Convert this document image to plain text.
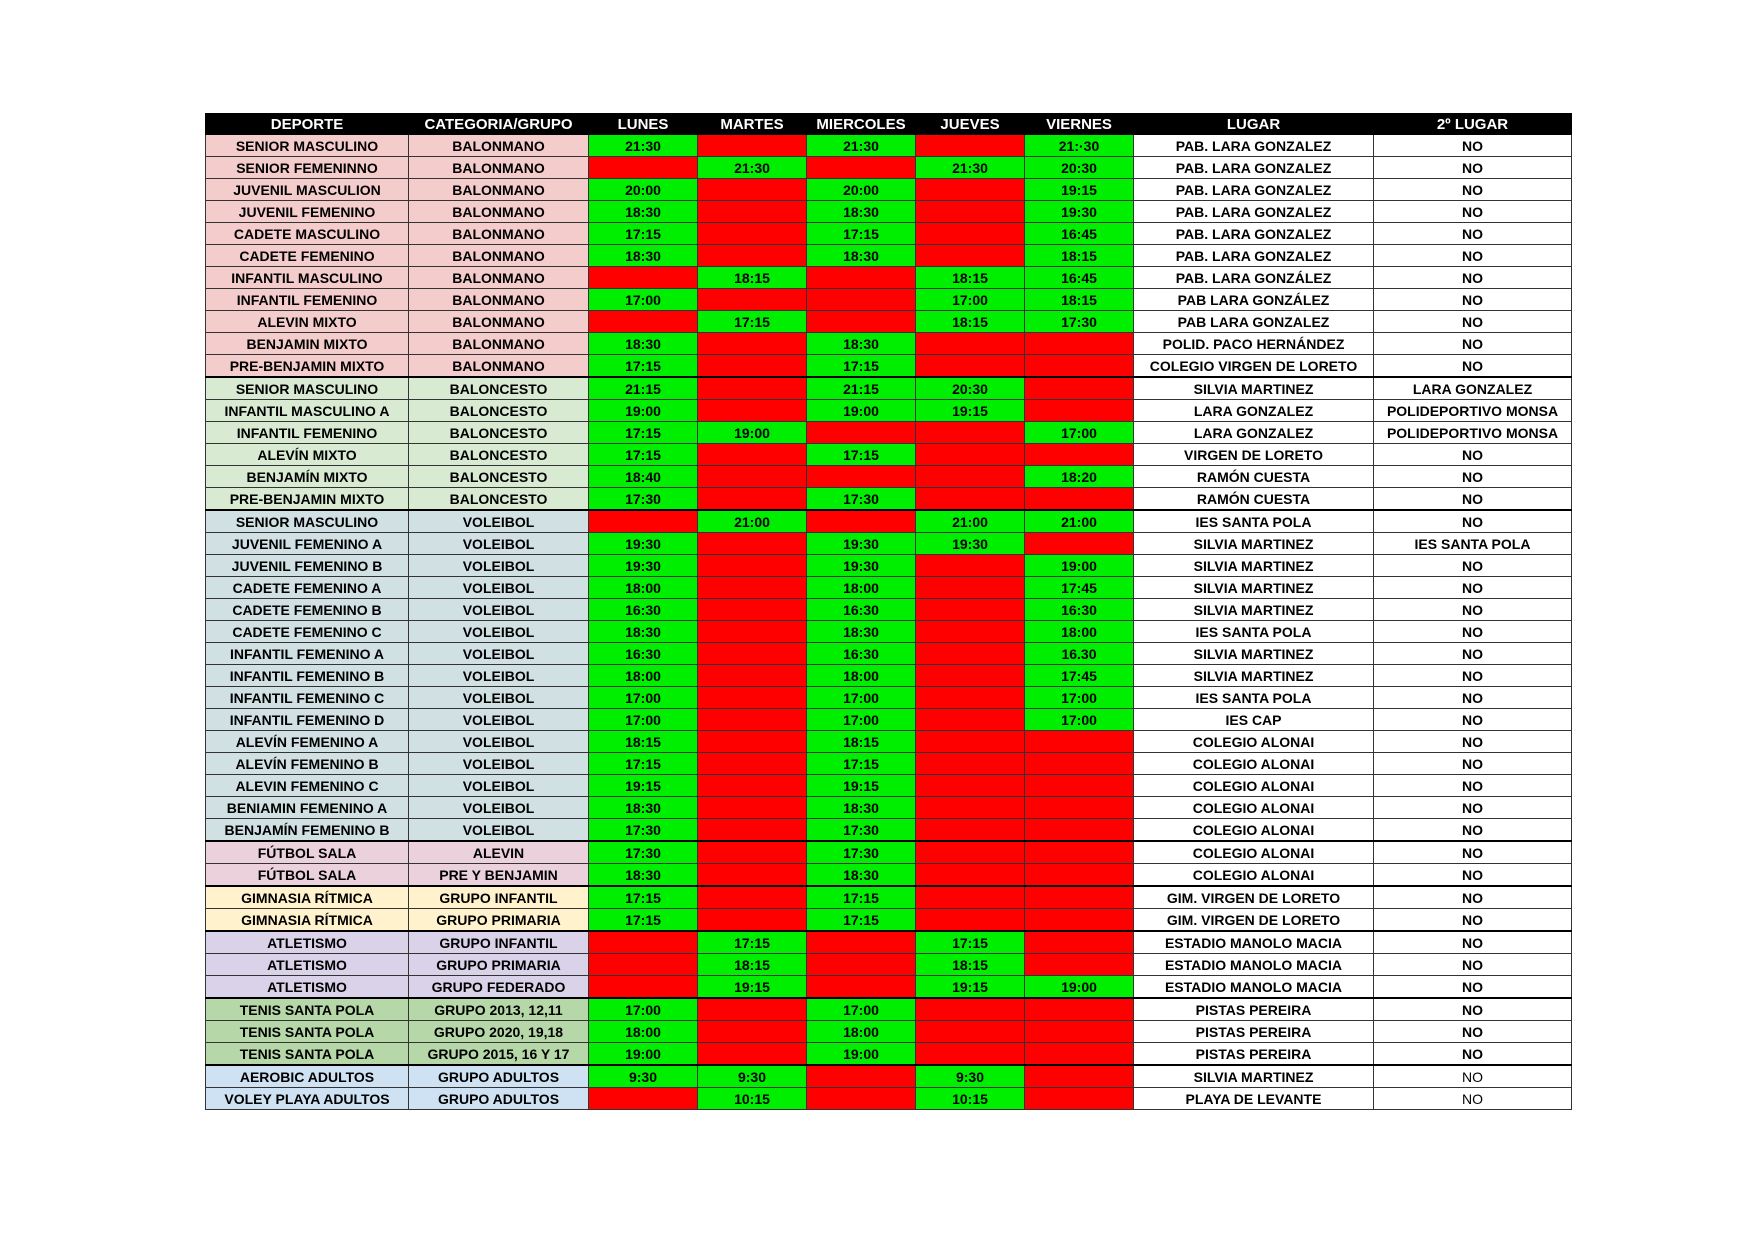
DEPORTE	CATEGORIA/GRUPO	LUNES	MARTES	MIERCOLES	JUEVES	VIERNES	LUGAR	2º LUGAR
SENIOR MASCULINO	BALONMANO	21:30		21:30		21:·30	PAB. LARA GONZALEZ	NO
SENIOR FEMENINNO	BALONMANO		21:30		21:30	20:30	PAB. LARA GONZALEZ	NO
JUVENIL MASCULION	BALONMANO	20:00		20:00		19:15	PAB. LARA GONZALEZ	NO
JUVENIL FEMENINO	BALONMANO	18:30		18:30		19:30	PAB. LARA GONZALEZ	NO
CADETE MASCULINO	BALONMANO	17:15		17:15		16:45	PAB. LARA GONZALEZ	NO
CADETE FEMENINO	BALONMANO	18:30		18:30		18:15	PAB. LARA GONZALEZ	NO
INFANTIL MASCULINO	BALONMANO		18:15		18:15	16:45	PAB. LARA GONZÁLEZ	NO
INFANTIL FEMENINO	BALONMANO	17:00			17:00	18:15	PAB LARA GONZÁLEZ	NO
ALEVIN MIXTO	BALONMANO		17:15		18:15	17:30	PAB LARA GONZALEZ	NO
BENJAMIN MIXTO	BALONMANO	18:30		18:30			POLID. PACO HERNÁNDEZ	NO
PRE-BENJAMIN MIXTO	BALONMANO	17:15		17:15			COLEGIO VIRGEN DE LORETO	NO
SENIOR MASCULINO	BALONCESTO	21:15		21:15	20:30		SILVIA MARTINEZ	LARA GONZALEZ
INFANTIL MASCULINO A	BALONCESTO	19:00		19:00	19:15		LARA GONZALEZ	POLIDEPORTIVO MONSA
INFANTIL FEMENINO	BALONCESTO	17:15	19:00			17:00	LARA GONZALEZ	POLIDEPORTIVO MONSA
ALEVÍN MIXTO	BALONCESTO	17:15		17:15			VIRGEN DE LORETO	NO
BENJAMÍN MIXTO	BALONCESTO	18:40				18:20	RAMÓN CUESTA	NO
PRE-BENJAMIN MIXTO	BALONCESTO	17:30		17:30			RAMÓN CUESTA	NO
SENIOR MASCULINO	VOLEIBOL		21:00		21:00	21:00	IES SANTA POLA	NO
JUVENIL FEMENINO A	VOLEIBOL	19:30		19:30	19:30		SILVIA MARTINEZ	IES SANTA POLA
JUVENIL FEMENINO B	VOLEIBOL	19:30		19:30		19:00	SILVIA MARTINEZ	NO
CADETE FEMENINO A	VOLEIBOL	18:00		18:00		17:45	SILVIA MARTINEZ	NO
CADETE FEMENINO B	VOLEIBOL	16:30		16:30		16:30	SILVIA MARTINEZ	NO
CADETE FEMENINO C	VOLEIBOL	18:30		18:30		18:00	IES SANTA POLA	NO
INFANTIL FEMENINO A	VOLEIBOL	16:30		16:30		16.30	SILVIA MARTINEZ	NO
INFANTIL FEMENINO B	VOLEIBOL	18:00		18:00		17:45	SILVIA MARTINEZ	NO
INFANTIL FEMENINO C	VOLEIBOL	17:00		17:00		17:00	IES SANTA POLA	NO
INFANTIL FEMENINO D	VOLEIBOL	17:00		17:00		17:00	IES CAP	NO
ALEVÍN FEMENINO A	VOLEIBOL	18:15		18:15			COLEGIO ALONAI	NO
ALEVÍN FEMENINO B	VOLEIBOL	17:15		17:15			COLEGIO ALONAI	NO
ALEVIN FEMENINO C	VOLEIBOL	19:15		19:15			COLEGIO ALONAI	NO
BENIAMIN FEMENINO A	VOLEIBOL	18:30		18:30			COLEGIO ALONAI	NO
BENJAMÍN FEMENINO B	VOLEIBOL	17:30		17:30			COLEGIO ALONAI	NO
FÚTBOL SALA	ALEVIN	17:30		17:30			COLEGIO ALONAI	NO
FÚTBOL SALA	PRE Y BENJAMIN	18:30		18:30			COLEGIO ALONAI	NO
GIMNASIA RÍTMICA	GRUPO INFANTIL	17:15		17:15			GIM. VIRGEN DE LORETO	NO
GIMNASIA RÍTMICA	GRUPO PRIMARIA	17:15		17:15			GIM. VIRGEN DE LORETO	NO
ATLETISMO	GRUPO INFANTIL		17:15		17:15		ESTADIO MANOLO MACIA	NO
ATLETISMO	GRUPO PRIMARIA		18:15		18:15		ESTADIO MANOLO MACIA	NO
ATLETISMO	GRUPO FEDERADO		19:15		19:15	19:00	ESTADIO MANOLO MACIA	NO
TENIS SANTA POLA	GRUPO 2013, 12,11	17:00		17:00			PISTAS PEREIRA	NO
TENIS SANTA POLA	GRUPO 2020, 19,18	18:00		18:00			PISTAS PEREIRA	NO
TENIS SANTA POLA	GRUPO 2015, 16 Y 17	19:00		19:00			PISTAS PEREIRA	NO
AEROBIC ADULTOS	GRUPO ADULTOS	9:30	9:30		9:30		SILVIA MARTINEZ	NO
VOLEY PLAYA ADULTOS	GRUPO ADULTOS		10:15		10:15		PLAYA DE LEVANTE	NO
